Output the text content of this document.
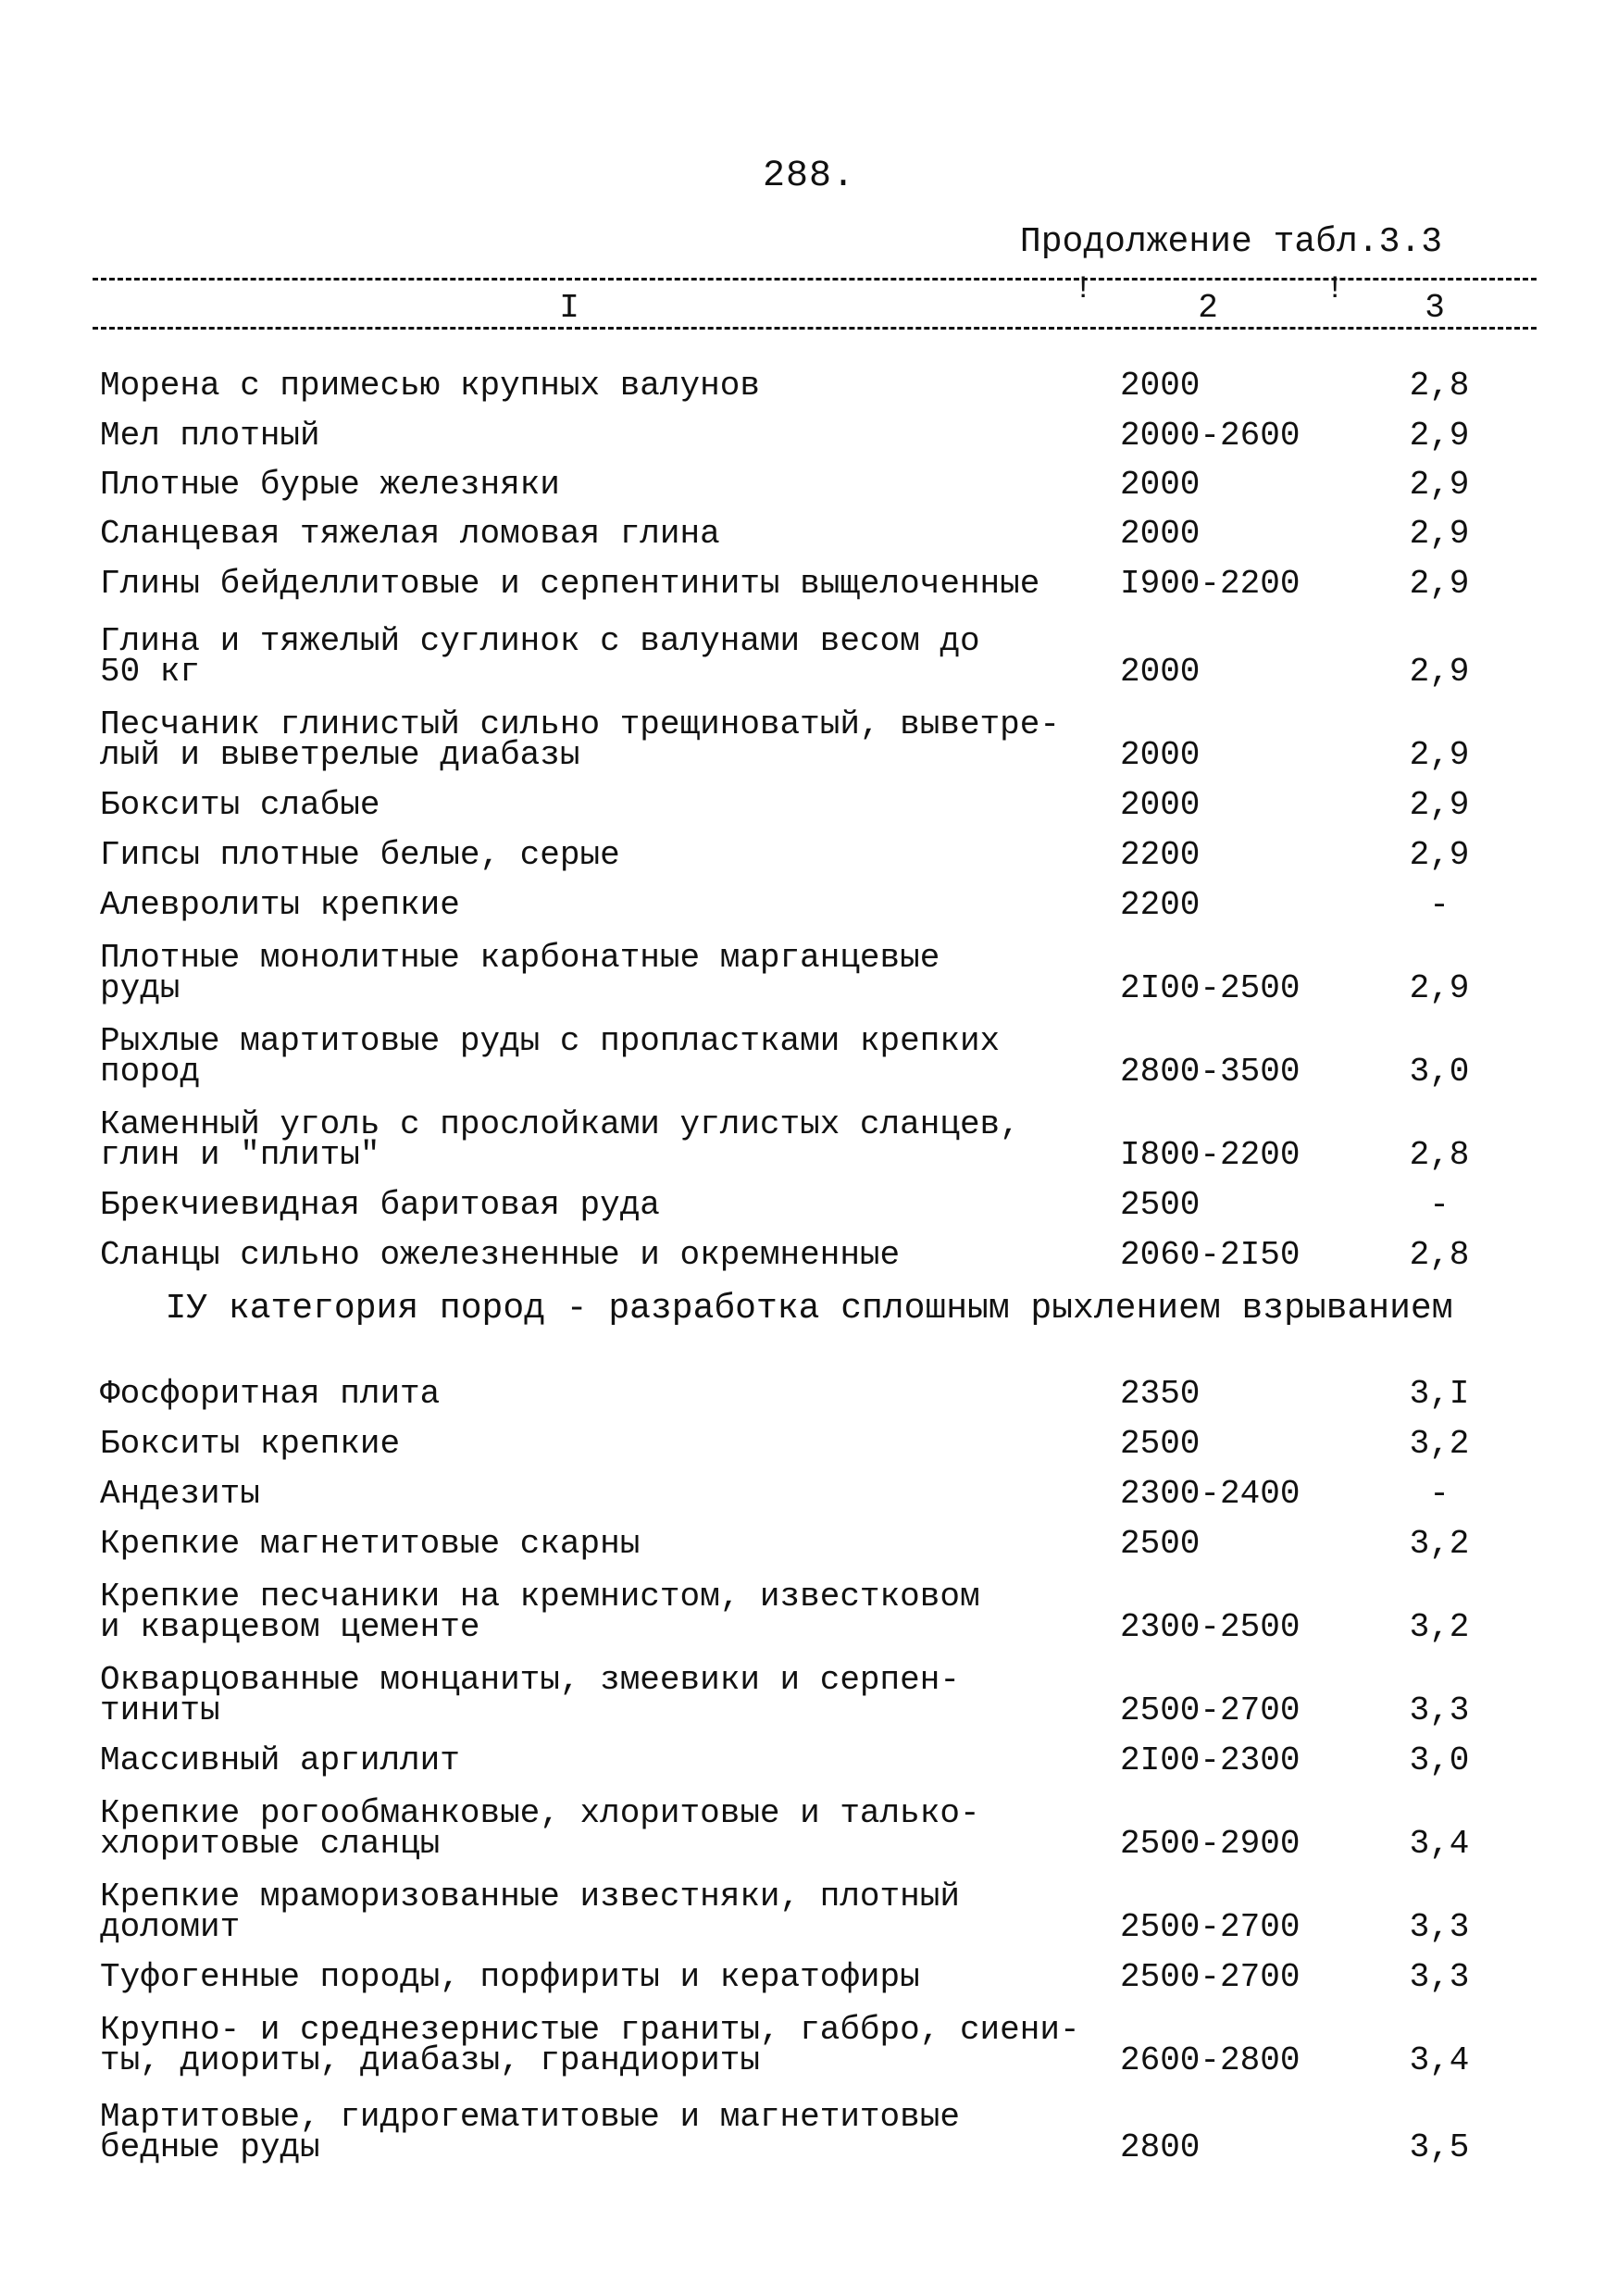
288.
Продолжение табл.3.3
!	!
I	2	3
Морена с примесью крупных валунов	2000	2,8
Мел плотный	2000-2600	2,9
Плотные бурые железняки	2000	2,9
Сланцевая тяжелая ломовая глина	2000	2,9
Глины бейделлитовые и серпентиниты выщелоченные	I900-2200	2,9
Глина и тяжелый суглинок с валунами весом до
50 кг	2000	2,9
Песчаник глинистый сильно трещиноватый, выветре-
лый и выветрелые диабазы	2000	2,9
Бокситы слабые	2000	2,9
Гипсы плотные белые, серые	2200	2,9
Алевролиты крепкие	2200	-
Плотные монолитные карбонатные марганцевые
руды	2I00-2500	2,9
Рыхлые мартитовые руды с пропластками крепких
пород	2800-3500	3,0
Каменный уголь с прослойками углистых сланцев,
глин и "плиты"	I800-2200	2,8
Брекчиевидная баритовая руда	2500	-
Сланцы сильно ожелезненные и окремненные	2060-2I50	2,8
IУ категория пород - разработка сплошным рыхлением взрыванием
Фосфоритная плита	2350	3,I
Бокситы крепкие	2500	3,2
Андезиты	2300-2400	-
Крепкие магнетитовые скарны	2500	3,2
Крепкие песчаники на кремнистом, известковом
и кварцевом цементе	2300-2500	3,2
Окварцованные монцаниты, змеевики и серпен-
тиниты	2500-2700	3,3
Массивный аргиллит	2I00-2300	3,0
Крепкие рогообманковые, хлоритовые и талько-
хлоритовые сланцы	2500-2900	3,4
Крепкие мраморизованные известняки, плотный
доломит	2500-2700	3,3
Туфогенные породы, порфириты и кератофиры	2500-2700	3,3
Крупно- и среднезернистые граниты, габбро, сиени-
ты, диориты, диабазы, грандиориты	2600-2800	3,4
Мартитовые, гидрогематитовые и магнетитовые
бедные руды	2800	3,5
